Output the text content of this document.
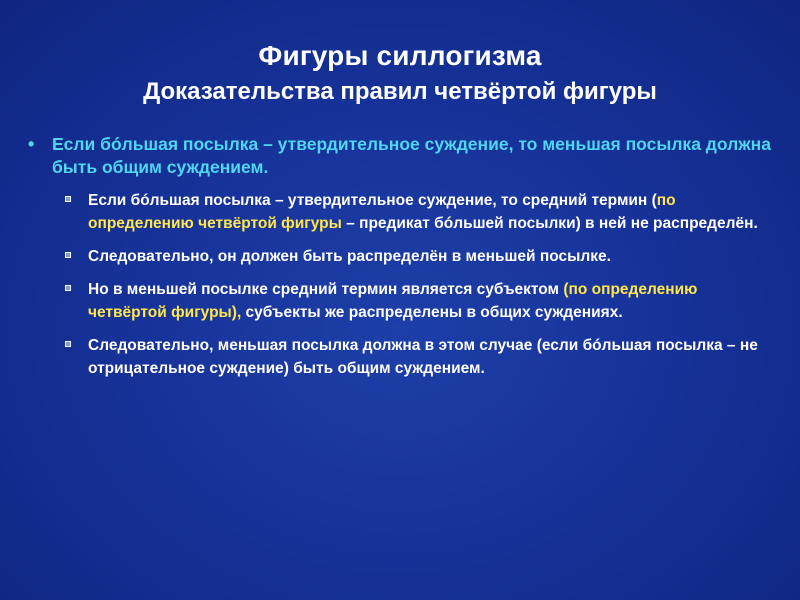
Фигуры силлогизма
Доказательства правил четвёртой фигуры
• Если бóльшая посылка – утвердительное суждение, то меньшая посылка должна быть общим суждением.
Если бóльшая посылка – утвердительное суждение, то средний термин (по определению четвёртой фигуры – предикат бóльшей посылки) в ней не распределён.
Следовательно, он должен быть распределён в меньшей посылке.
Но в меньшей посылке средний термин является субъектом (по определению четвёртой фигуры), субъекты же распределены в общих суждениях.
Следовательно, меньшая посылка должна в этом случае (если бóльшая посылка – не отрицательное суждение) быть общим суждением.
